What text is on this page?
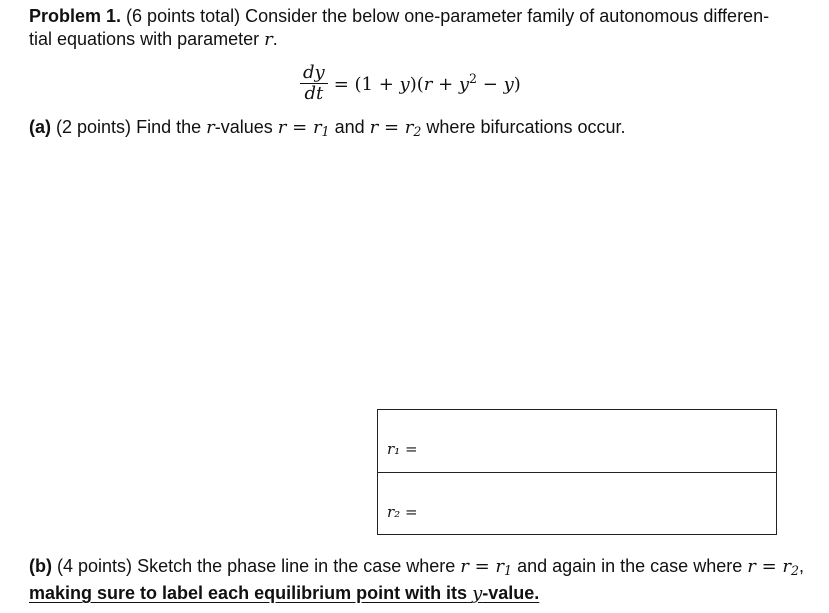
Problem 1. (6 points total) Consider the below one-parameter family of autonomous differen-
tial equations with parameter r.
$\frac{dy}{dt} = (1 + y)(r + y^2 - y)$
(a) (2 points) Find the r-values $r = r_1$ and $r = r_2$ where bifurcations occur.
r₁ =
r₂ =
(b) (4 points) Sketch the phase line in the case where $r = r_1$ and again in the case where $r = r_2$,
making sure to label each equilibrium point with its y-value.
